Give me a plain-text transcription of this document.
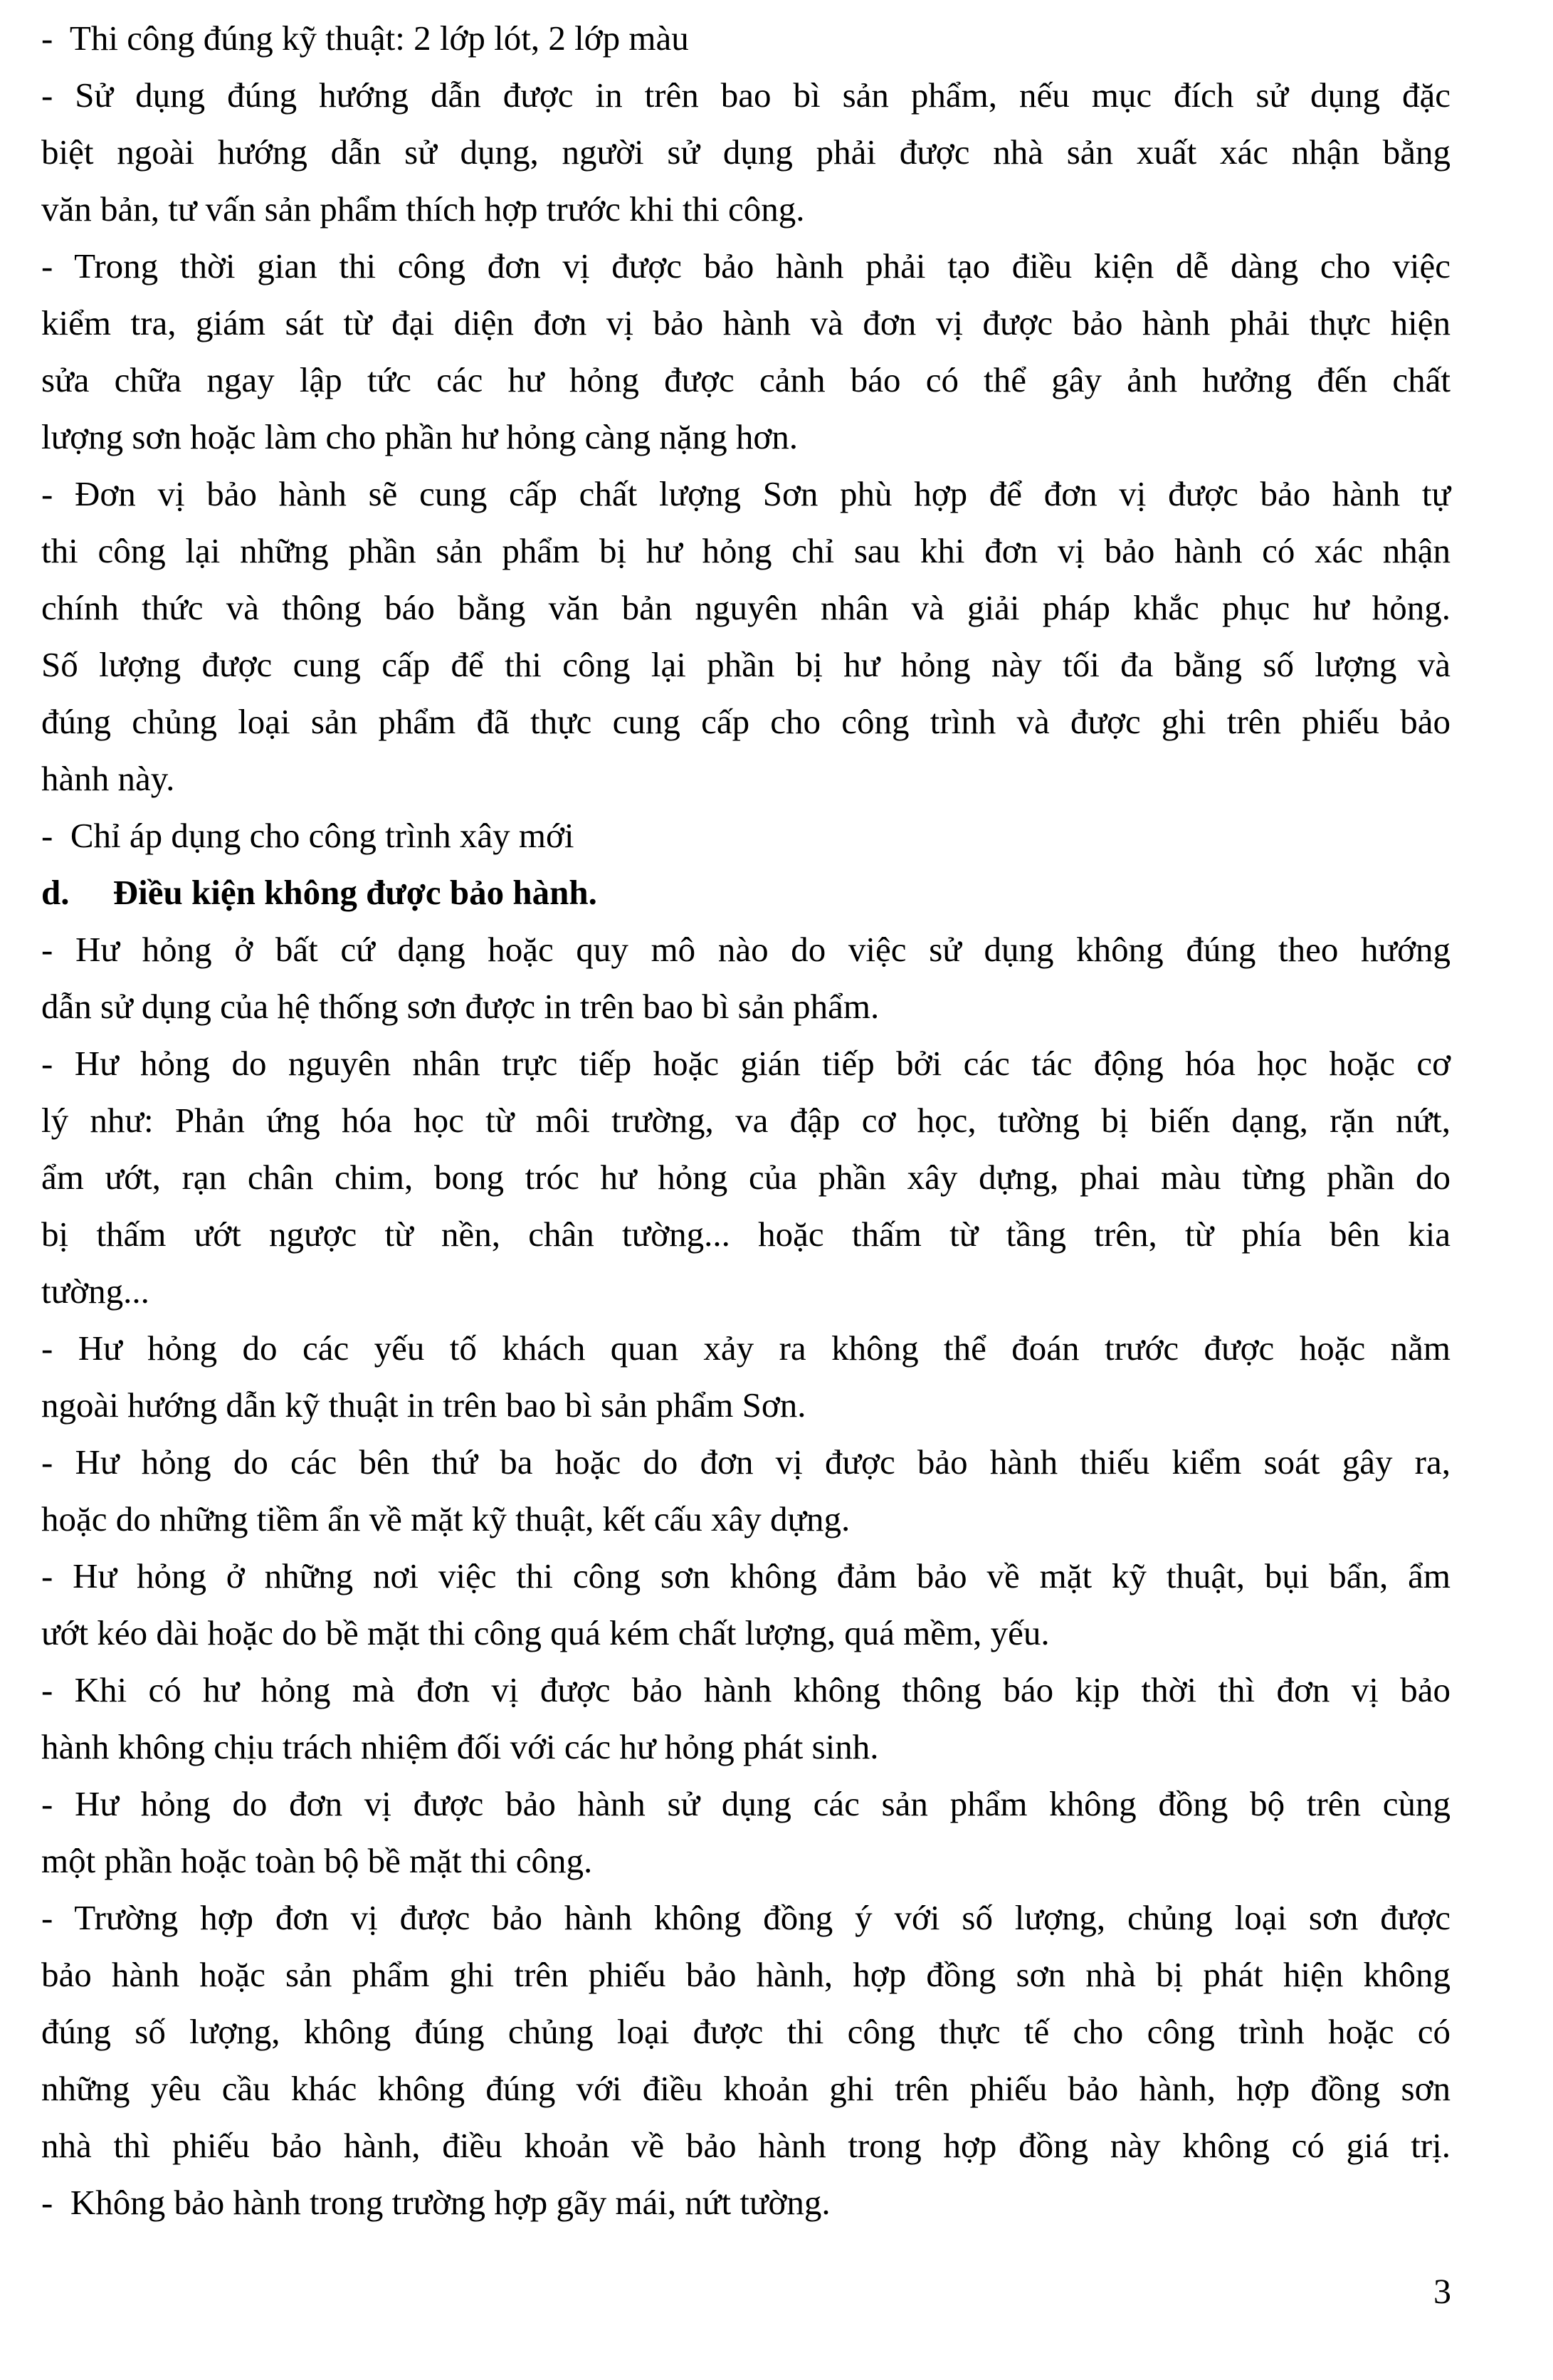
-  Thi công đúng kỹ thuật: 2 lớp lót, 2 lớp màu

- Sử dụng đúng hướng dẫn được in trên bao bì sản phẩm, nếu mục đích sử dụng đặc

biệt ngoài hướng dẫn sử dụng, người sử dụng phải được nhà sản xuất xác nhận bằng

văn bản, tư vấn sản phẩm thích hợp trước khi thi công.

- Trong thời gian thi công đơn vị được bảo hành phải tạo điều kiện dễ dàng cho việc

kiểm tra, giám sát từ đại diện đơn vị bảo hành và đơn vị được bảo hành phải thực hiện

sửa chữa ngay lập tức các hư hỏng được cảnh báo có thể gây ảnh hưởng đến chất

lượng sơn hoặc làm cho phần hư hỏng càng nặng hơn.

- Đơn vị bảo hành sẽ cung cấp chất lượng Sơn phù hợp để đơn vị được bảo hành tự

thi công lại những phần sản phẩm bị hư hỏng chỉ sau khi đơn vị bảo hành có xác nhận

chính thức và thông báo bằng văn bản nguyên nhân và giải pháp khắc phục hư hỏng.

Số lượng được cung cấp để thi công lại phần bị hư hỏng này tối đa bằng số lượng và

đúng chủng loại sản phẩm đã thực cung cấp cho công trình và được ghi trên phiếu bảo

hành này.

-  Chỉ áp dụng cho công trình xây mới

d.     Điều kiện không được bảo hành.

- Hư hỏng ở bất cứ dạng hoặc quy mô nào do việc sử dụng không đúng theo hướng

dẫn sử dụng của hệ thống sơn được in trên bao bì sản phẩm.

- Hư hỏng do nguyên nhân trực tiếp hoặc gián tiếp bởi các tác động hóa học hoặc cơ

lý như: Phản ứng hóa học từ môi trường, va đập cơ học, tường bị biến dạng, rặn nứt,

ẩm ướt, rạn chân chim, bong tróc hư hỏng của phần xây dựng, phai màu từng phần do

bị thấm ướt ngược từ nền, chân tường... hoặc thấm từ tầng trên, từ phía bên kia

tường...

- Hư hỏng do các yếu tố khách quan xảy ra không thể đoán trước được hoặc nằm

ngoài hướng dẫn kỹ thuật in trên bao bì sản phẩm Sơn.

- Hư hỏng do các bên thứ ba hoặc do đơn vị được bảo hành thiếu kiểm soát gây ra,

hoặc do những tiềm ẩn về mặt kỹ thuật, kết cấu xây dựng.

- Hư hỏng ở những nơi việc thi công sơn không đảm bảo về mặt kỹ thuật, bụi bẩn, ẩm

ướt kéo dài hoặc do bề mặt thi công quá kém chất lượng, quá mềm, yếu.

- Khi có hư hỏng mà đơn vị được bảo hành không thông báo kịp thời thì đơn vị bảo

hành không chịu trách nhiệm đối với các hư hỏng phát sinh.

- Hư hỏng do đơn vị được bảo hành sử dụng các sản phẩm không đồng bộ trên cùng

một phần hoặc toàn bộ bề mặt thi công.

- Trường hợp đơn vị được bảo hành không đồng ý với số lượng, chủng loại sơn được

bảo hành hoặc sản phẩm ghi trên phiếu bảo hành, hợp đồng sơn nhà bị phát hiện không

đúng số lượng, không đúng chủng loại được thi công thực tế cho công trình hoặc có

những yêu cầu khác không đúng với điều khoản ghi trên phiếu bảo hành, hợp đồng sơn

nhà thì phiếu bảo hành, điều khoản về bảo hành trong hợp đồng này không có giá trị.

-  Không bảo hành trong trường hợp gãy mái, nứt tường.

3
